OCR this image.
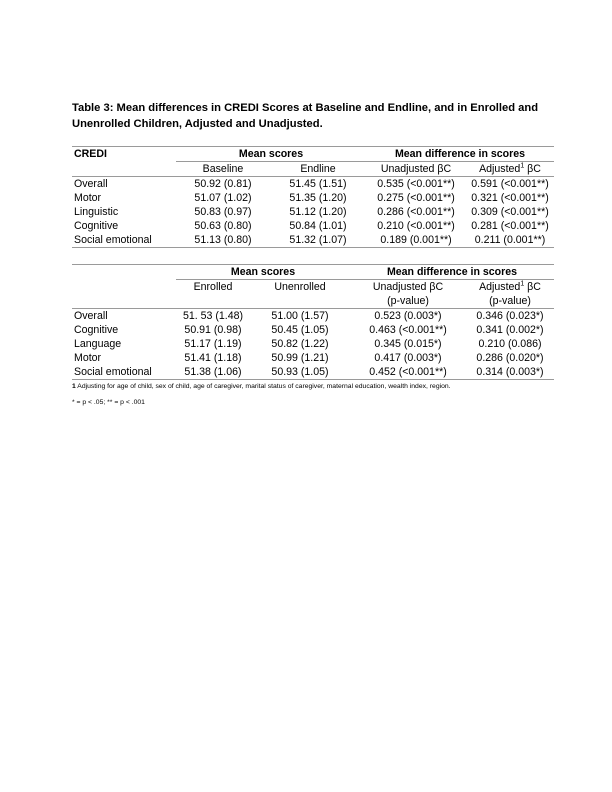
Table 3: Mean differences in CREDI Scores at Baseline and Endline, and in Enrolled and Unenrolled Children, Adjusted and Unadjusted.
CREDI	Mean scores		Mean difference in scores	
	Baseline	Endline	Unadjusted βC	Adjusted$^1$ βC
Overall	50.92 (0.81)	51.45 (1.51)	0.535 (<0.001**)	0.591 (<0.001**)
Motor	51.07 (1.02)	51.35 (1.20)	0.275 (<0.001**)	0.321 (<0.001**)
Linguistic	50.83 (0.97)	51.12 (1.20)	0.286 (<0.001**)	0.309 (<0.001**)
Cognitive	50.63 (0.80)	50.84 (1.01)	0.210 (<0.001**)	0.281 (<0.001**)
Social emotional	51.13 (0.80)	51.32 (1.07)	0.189 (0.001**)	0.211 (0.001**)
	Mean scores		Mean difference in scores	
	Enrolled	Unenrolled	Unadjusted βC	Adjusted$^1$ βC
			(p-value)	(p-value)
Overall	51. 53 (1.48)	51.00 (1.57)	0.523 (0.003*)	0.346 (0.023*)
Cognitive	50.91 (0.98)	50.45 (1.05)	0.463 (<0.001**)	0.341 (0.002*)
Language	51.17 (1.19)	50.82 (1.22)	0.345 (0.015*)	0.210 (0.086)
Motor	51.41 (1.18)	50.99 (1.21)	0.417 (0.003*)	0.286 (0.020*)
Social emotional	51.38 (1.06)	50.93 (1.05)	0.452 (<0.001**)	0.314 (0.003*)
1 Adjusting for age of child, sex of child, age of caregiver, marital status of caregiver, maternal education, wealth index, region.
* = p < .05; ** = p < .001
